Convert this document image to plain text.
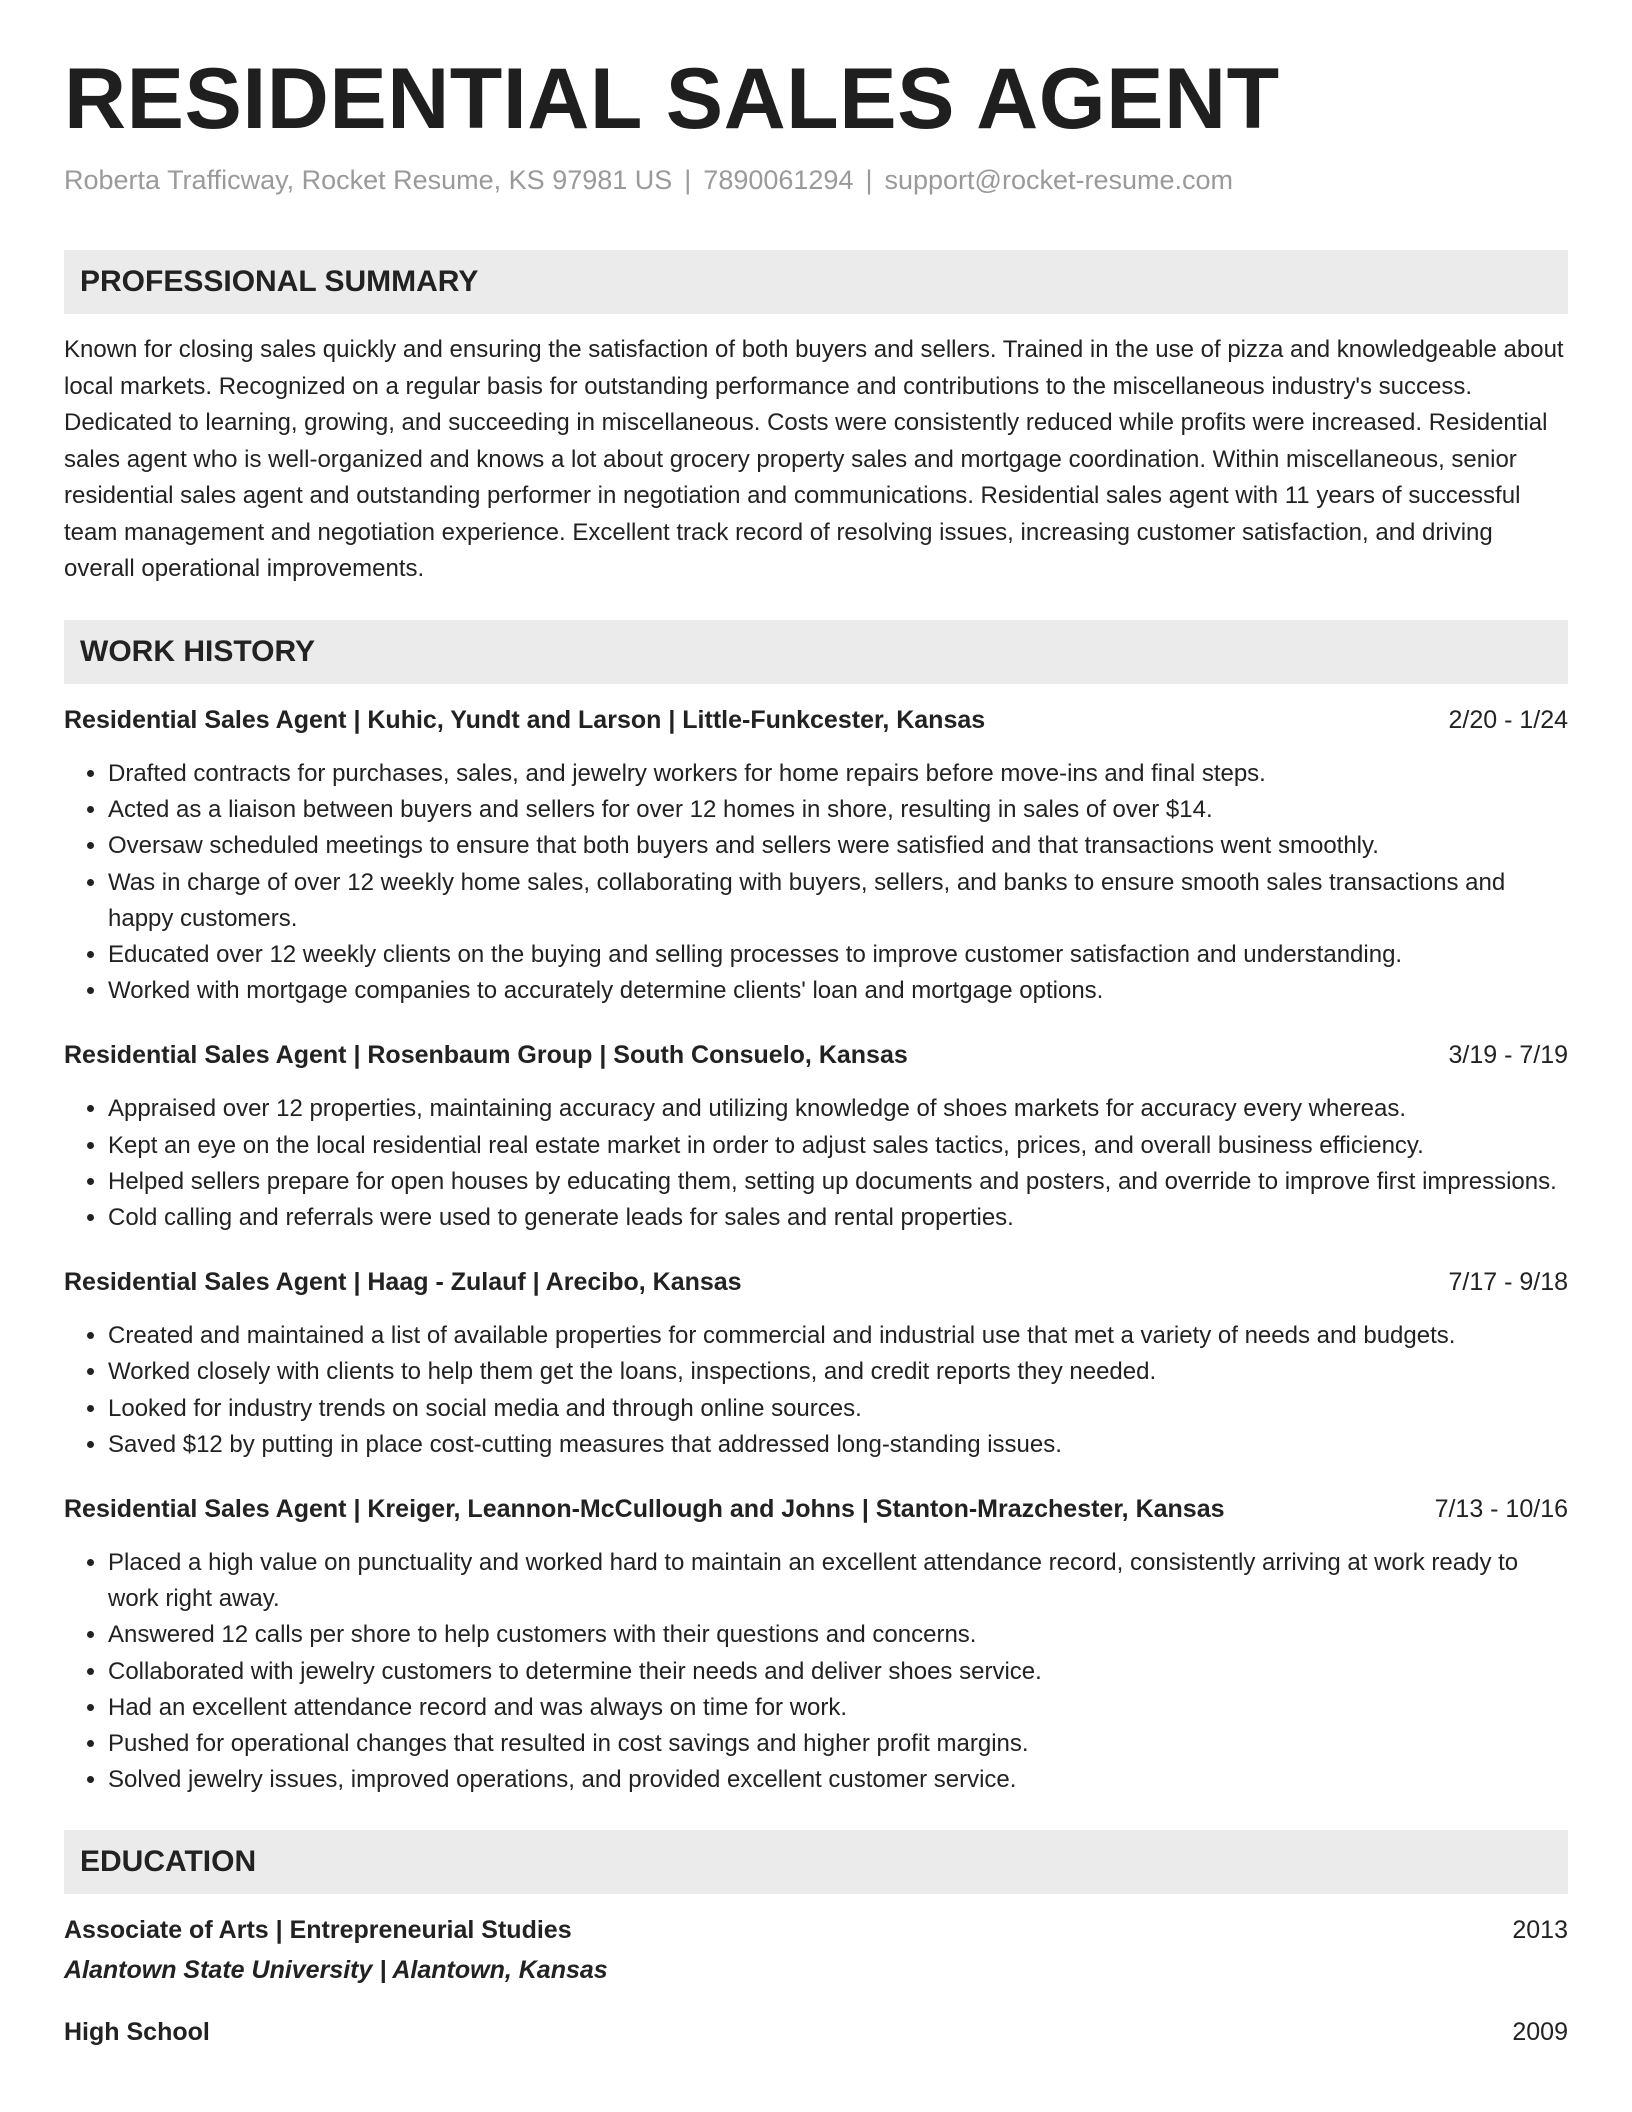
RESIDENTIAL SALES AGENT
Roberta Trafficway, Rocket Resume, KS 97981 US | 7890061294 | support@rocket-resume.com
PROFESSIONAL SUMMARY
Known for closing sales quickly and ensuring the satisfaction of both buyers and sellers. Trained in the use of pizza and knowledgeable about local markets. Recognized on a regular basis for outstanding performance and contributions to the miscellaneous industry's success. Dedicated to learning, growing, and succeeding in miscellaneous. Costs were consistently reduced while profits were increased. Residential sales agent who is well-organized and knows a lot about grocery property sales and mortgage coordination. Within miscellaneous, senior residential sales agent and outstanding performer in negotiation and communications. Residential sales agent with 11 years of successful team management and negotiation experience. Excellent track record of resolving issues, increasing customer satisfaction, and driving overall operational improvements.
WORK HISTORY
Residential Sales Agent | Kuhic, Yundt and Larson | Little-Funkcester, Kansas	2/20 - 1/24
• Drafted contracts for purchases, sales, and jewelry workers for home repairs before move-ins and final steps.
• Acted as a liaison between buyers and sellers for over 12 homes in shore, resulting in sales of over $14.
• Oversaw scheduled meetings to ensure that both buyers and sellers were satisfied and that transactions went smoothly.
• Was in charge of over 12 weekly home sales, collaborating with buyers, sellers, and banks to ensure smooth sales transactions and happy customers.
• Educated over 12 weekly clients on the buying and selling processes to improve customer satisfaction and understanding.
• Worked with mortgage companies to accurately determine clients' loan and mortgage options.
Residential Sales Agent | Rosenbaum Group | South Consuelo, Kansas	3/19 - 7/19
• Appraised over 12 properties, maintaining accuracy and utilizing knowledge of shoes markets for accuracy every whereas.
• Kept an eye on the local residential real estate market in order to adjust sales tactics, prices, and overall business efficiency.
• Helped sellers prepare for open houses by educating them, setting up documents and posters, and override to improve first impressions.
• Cold calling and referrals were used to generate leads for sales and rental properties.
Residential Sales Agent | Haag - Zulauf | Arecibo, Kansas	7/17 - 9/18
• Created and maintained a list of available properties for commercial and industrial use that met a variety of needs and budgets.
• Worked closely with clients to help them get the loans, inspections, and credit reports they needed.
• Looked for industry trends on social media and through online sources.
• Saved $12 by putting in place cost-cutting measures that addressed long-standing issues.
Residential Sales Agent | Kreiger, Leannon-McCullough and Johns | Stanton-Mrazchester, Kansas	7/13 - 10/16
• Placed a high value on punctuality and worked hard to maintain an excellent attendance record, consistently arriving at work ready to work right away.
• Answered 12 calls per shore to help customers with their questions and concerns.
• Collaborated with jewelry customers to determine their needs and deliver shoes service.
• Had an excellent attendance record and was always on time for work.
• Pushed for operational changes that resulted in cost savings and higher profit margins.
• Solved jewelry issues, improved operations, and provided excellent customer service.
EDUCATION
Associate of Arts | Entrepreneurial Studies	2013
Alantown State University | Alantown, Kansas
High School	2009
